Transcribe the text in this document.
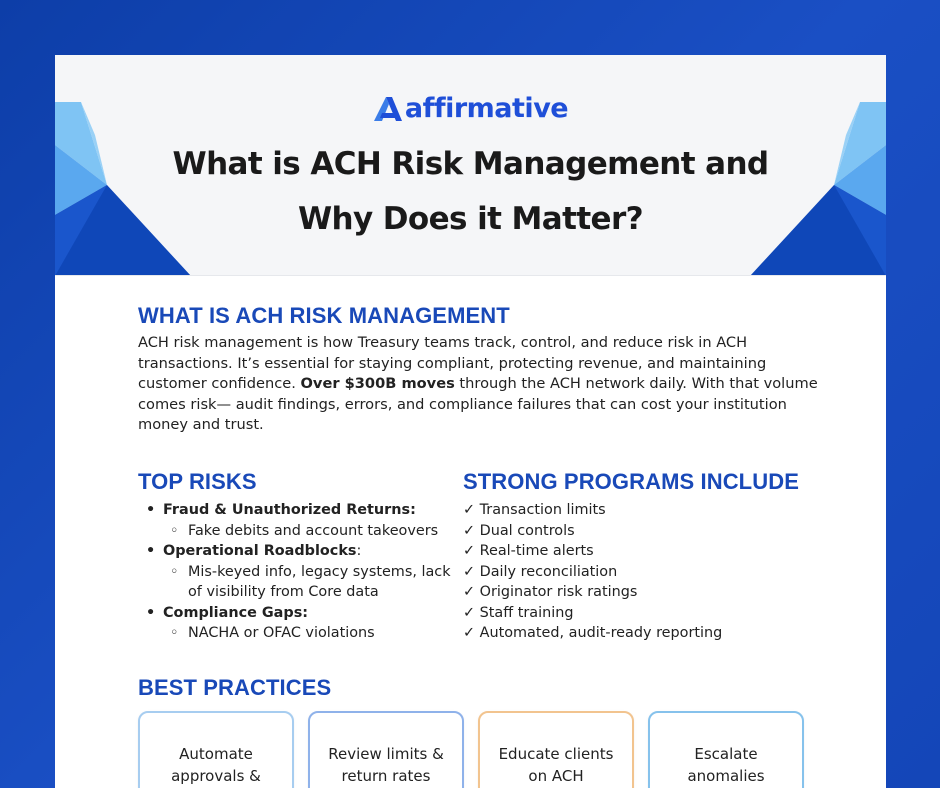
affirmative
What is ACH Risk Management and
Why Does it Matter?
WHAT IS ACH RISK MANAGEMENT

ACH risk management is how Treasury teams track, control, and reduce risk in ACH transactions. It’s essential for staying compliant, protecting revenue, and maintaining customer confidence. Over $300B moves through the ACH network daily. With that volume comes risk— audit findings, errors, and compliance failures that can cost your institution money and trust.

TOP RISKS
• Fraud & Unauthorized Returns:
◦ Fake debits and account takeovers
• Operational Roadblocks:
◦ Mis-keyed info, legacy systems, lack of visibility from Core data
• Compliance Gaps:
◦ NACHA or OFAC violations
STRONG PROGRAMS INCLUDE
✓ Transaction limits
✓ Dual controls
✓ Real-time alerts
✓ Daily reconciliation
✓ Originator risk ratings
✓ Staff training
✓ Automated, audit-ready reporting
BEST PRACTICES
Automate
approvals &
Review limits &
return rates
Educate clients
on ACH
Escalate
anomalies
